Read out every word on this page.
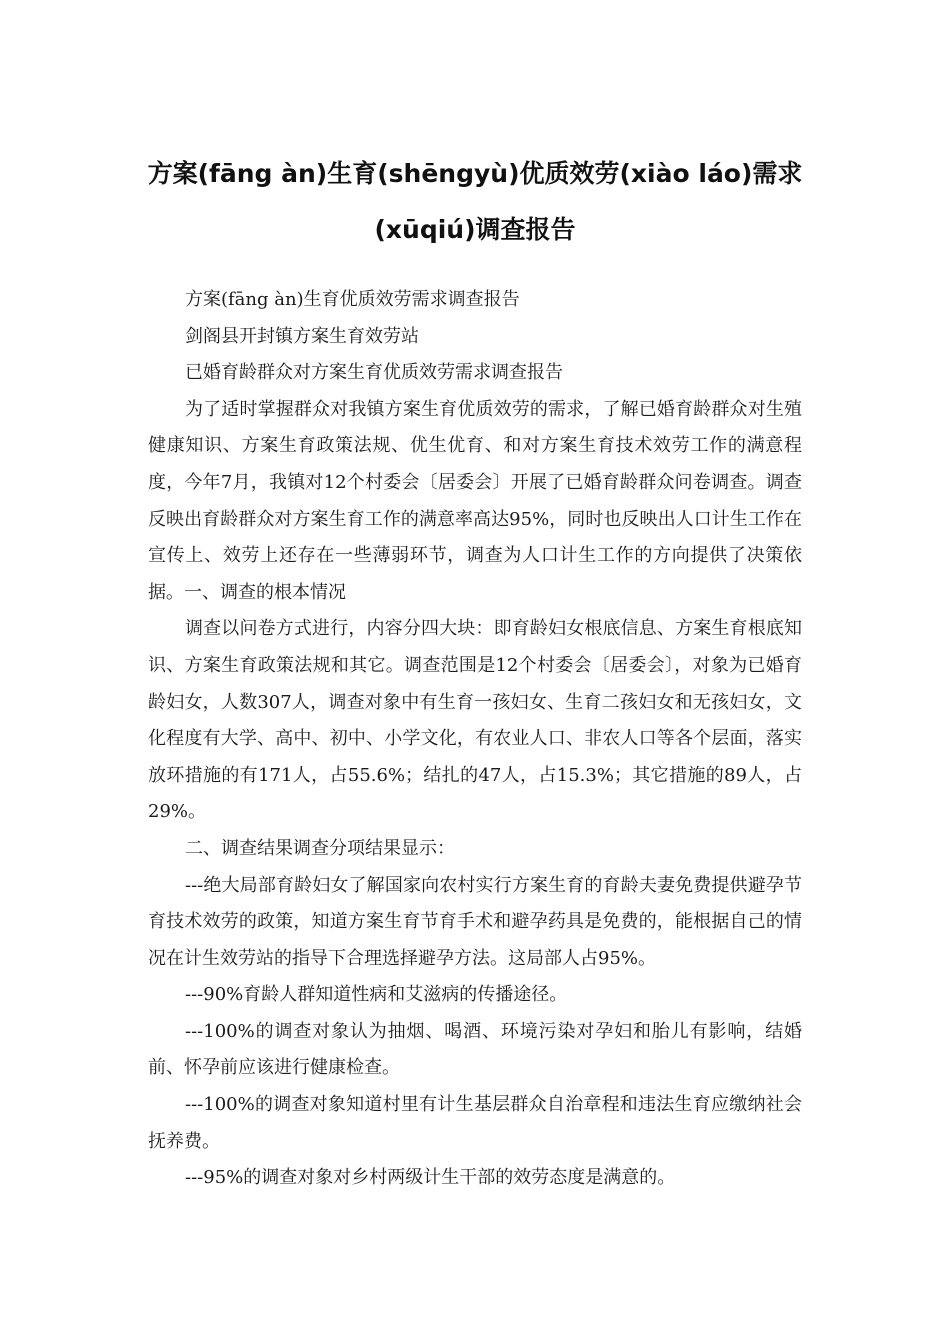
方案(fāng àn)生育(shēngyù)优质效劳(xiào láo)需求(xūqiú)调查报告

方案(fāng àn)生育优质效劳需求调查报告

剑阁县开封镇方案生育效劳站

已婚育龄群众对方案生育优质效劳需求调查报告

为了适时掌握群众对我镇方案生育优质效劳的需求，了解已婚育龄群众对生殖健康知识、方案生育政策法规、优生优育、和对方案生育技术效劳工作的满意程度，今年7月，我镇对12个村委会〔居委会〕开展了已婚育龄群众问卷调查。调查反映出育龄群众对方案生育工作的满意率高达95%，同时也反映出人口计生工作在宣传上、效劳上还存在一些薄弱环节，调查为人口计生工作的方向提供了决策依据。一、调查的根本情况

调查以问卷方式进行，内容分四大块：即育龄妇女根底信息、方案生育根底知识、方案生育政策法规和其它。调查范围是12个村委会〔居委会〕，对象为已婚育龄妇女，人数307人，调查对象中有生育一孩妇女、生育二孩妇女和无孩妇女，文化程度有大学、高中、初中、小学文化，有农业人口、非农人口等各个层面，落实放环措施的有171人，占55.6%；结扎的47人，占15.3%；其它措施的89人，占29%。

二、调查结果调查分项结果显示：

---绝大局部育龄妇女了解国家向农村实行方案生育的育龄夫妻免费提供避孕节育技术效劳的政策，知道方案生育节育手术和避孕药具是免费的，能根据自己的情况在计生效劳站的指导下合理选择避孕方法。这局部人占95%。

---90%育龄人群知道性病和艾滋病的传播途径。

---100%的调查对象认为抽烟、喝酒、环境污染对孕妇和胎儿有影响，结婚前、怀孕前应该进行健康检查。

---100%的调查对象知道村里有计生基层群众自治章程和违法生育应缴纳社会抚养费。

---95%的调查对象对乡村两级计生干部的效劳态度是满意的。
